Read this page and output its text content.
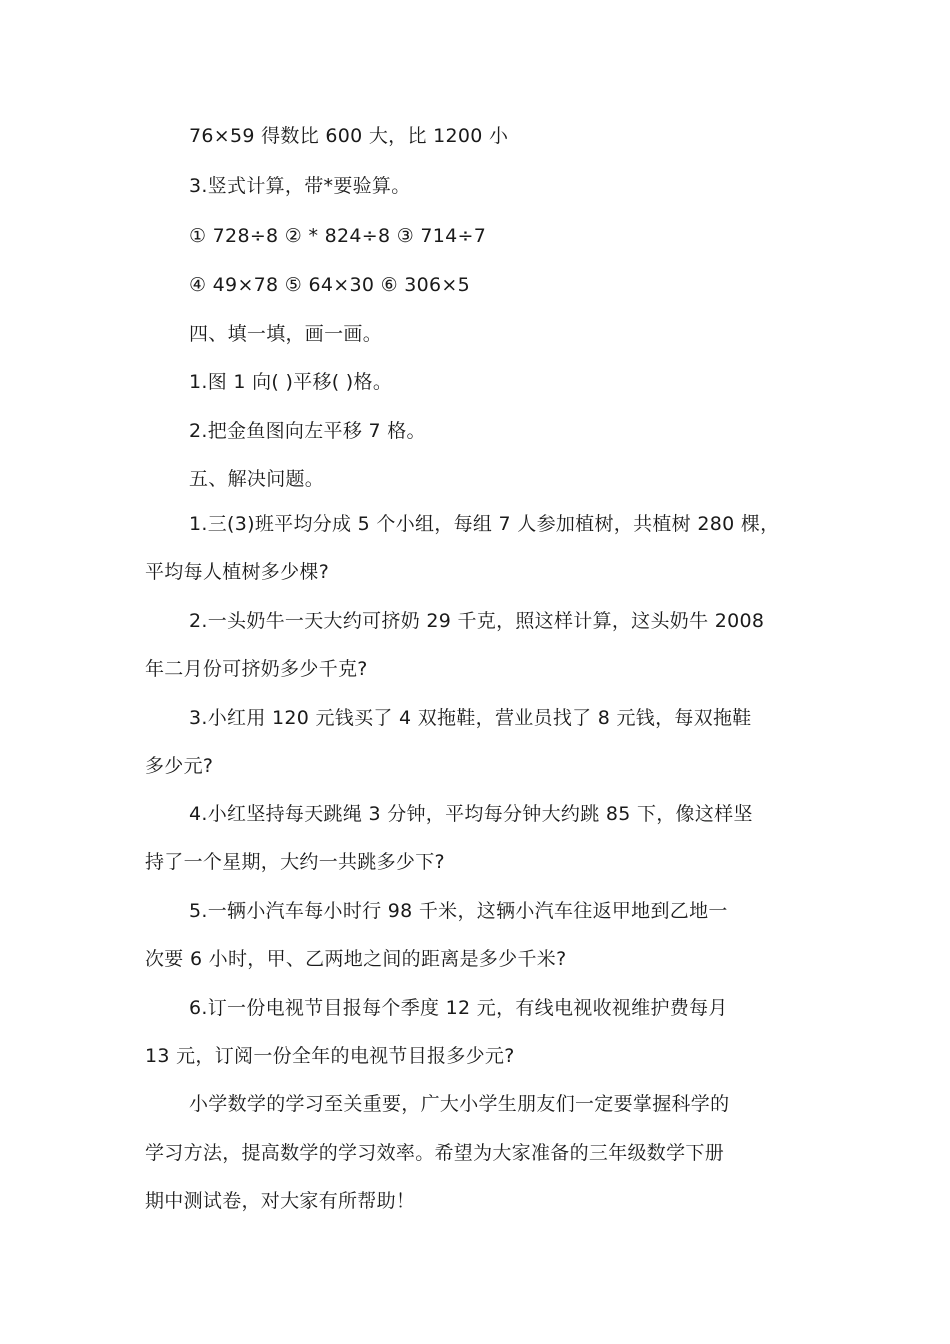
76×59 得数比 600 大，比 1200 小
3.竖式计算，带*要验算。
① 728÷8 ② * 824÷8 ③ 714÷7
④ 49×78 ⑤ 64×30 ⑥ 306×5
四、填一填，画一画。
1.图 1 向( )平移( )格。
2.把金鱼图向左平移 7 格。
五、解决问题。
1.三(3)班平均分成 5 个小组，每组 7 人参加植树，共植树 280 棵，
平均每人植树多少棵?
2.一头奶牛一天大约可挤奶 29 千克，照这样计算，这头奶牛 2008
年二月份可挤奶多少千克?
3.小红用 120 元钱买了 4 双拖鞋，营业员找了 8 元钱，每双拖鞋
多少元?
4.小红坚持每天跳绳 3 分钟，平均每分钟大约跳 85 下，像这样坚
持了一个星期，大约一共跳多少下?
5.一辆小汽车每小时行 98 千米，这辆小汽车往返甲地到乙地一
次要 6 小时，甲、乙两地之间的距离是多少千米?
6.订一份电视节目报每个季度 12 元，有线电视收视维护费每月
13 元，订阅一份全年的电视节目报多少元?
小学数学的学习至关重要，广大小学生朋友们一定要掌握科学的
学习方法，提高数学的学习效率。希望为大家准备的三年级数学下册
期中测试卷，对大家有所帮助！
